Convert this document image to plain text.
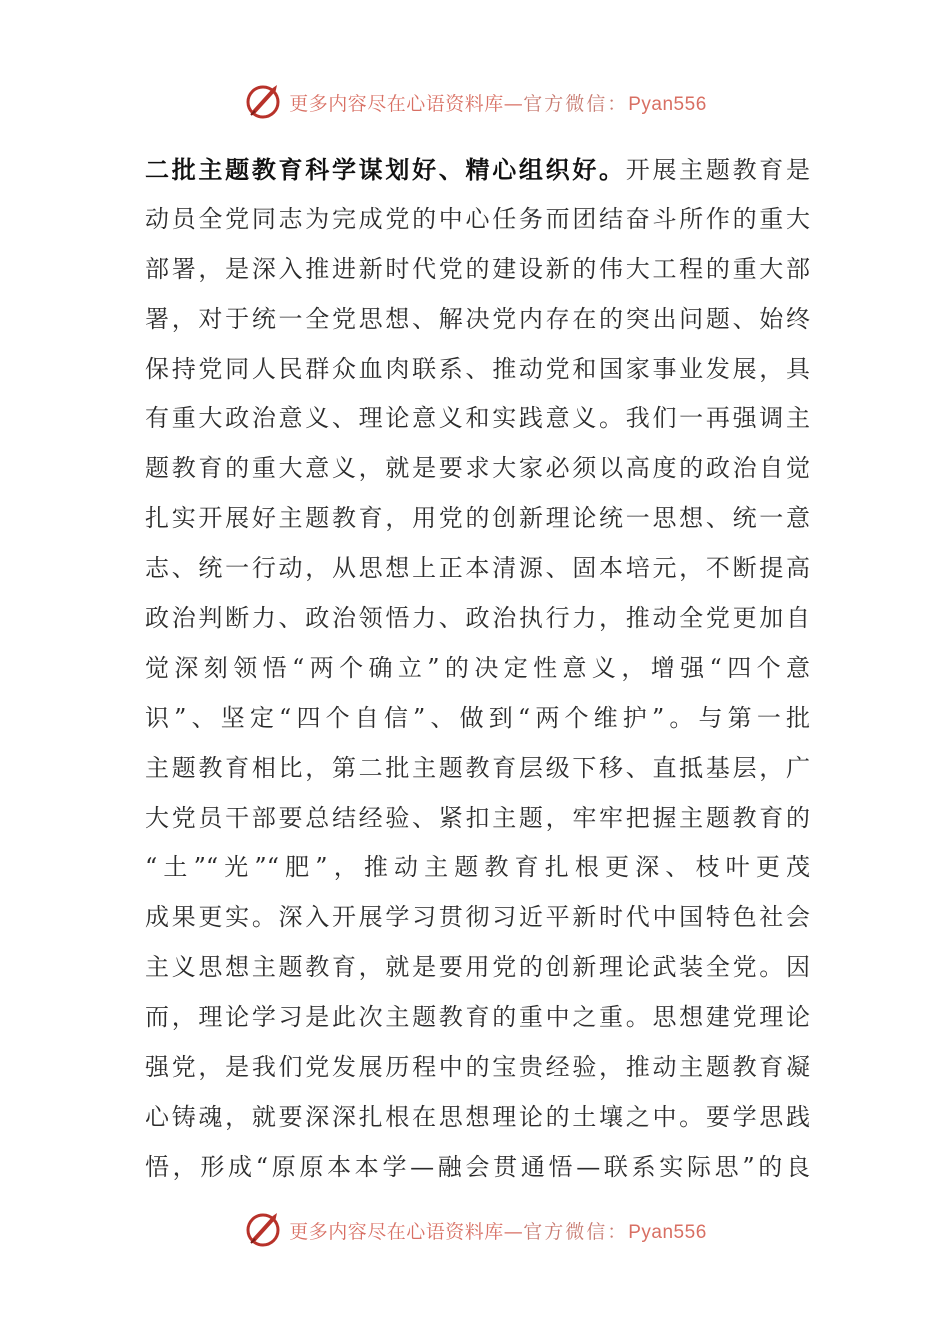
更多内容尽在心语资料库—官方微信：Pyan556
二批主题教育科学谋划好、精心组织好。开展主题教育是
动员全党同志为完成党的中心任务而团结奋斗所作的重大
部署，是深入推进新时代党的建设新的伟大工程的重大部
署，对于统一全党思想、解决党内存在的突出问题、始终
保持党同人民群众血肉联系、推动党和国家事业发展，具
有重大政治意义、理论意义和实践意义。我们一再强调主
题教育的重大意义，就是要求大家必须以高度的政治自觉
扎实开展好主题教育，用党的创新理论统一思想、统一意
志、统一行动，从思想上正本清源、固本培元，不断提高
政治判断力、政治领悟力、政治执行力，推动全党更加自
觉深刻领悟“两个确立”的决定性意义，增强“四个意
识”、坚定“四个自信”、做到“两个维护”。与第一批
主题教育相比，第二批主题教育层级下移、直抵基层，广
大党员干部要总结经验、紧扣主题，牢牢把握主题教育的
“土”“光”“肥”，推动主题教育扎根更深、枝叶更茂
成果更实。深入开展学习贯彻习近平新时代中国特色社会
主义思想主题教育，就是要用党的创新理论武装全党。因
而，理论学习是此次主题教育的重中之重。思想建党理论
强党，是我们党发展历程中的宝贵经验，推动主题教育凝
心铸魂，就要深深扎根在思想理论的土壤之中。要学思践
悟，形成“原原本本学—融会贯通悟—联系实际思”的良
更多内容尽在心语资料库—官方微信：Pyan556
